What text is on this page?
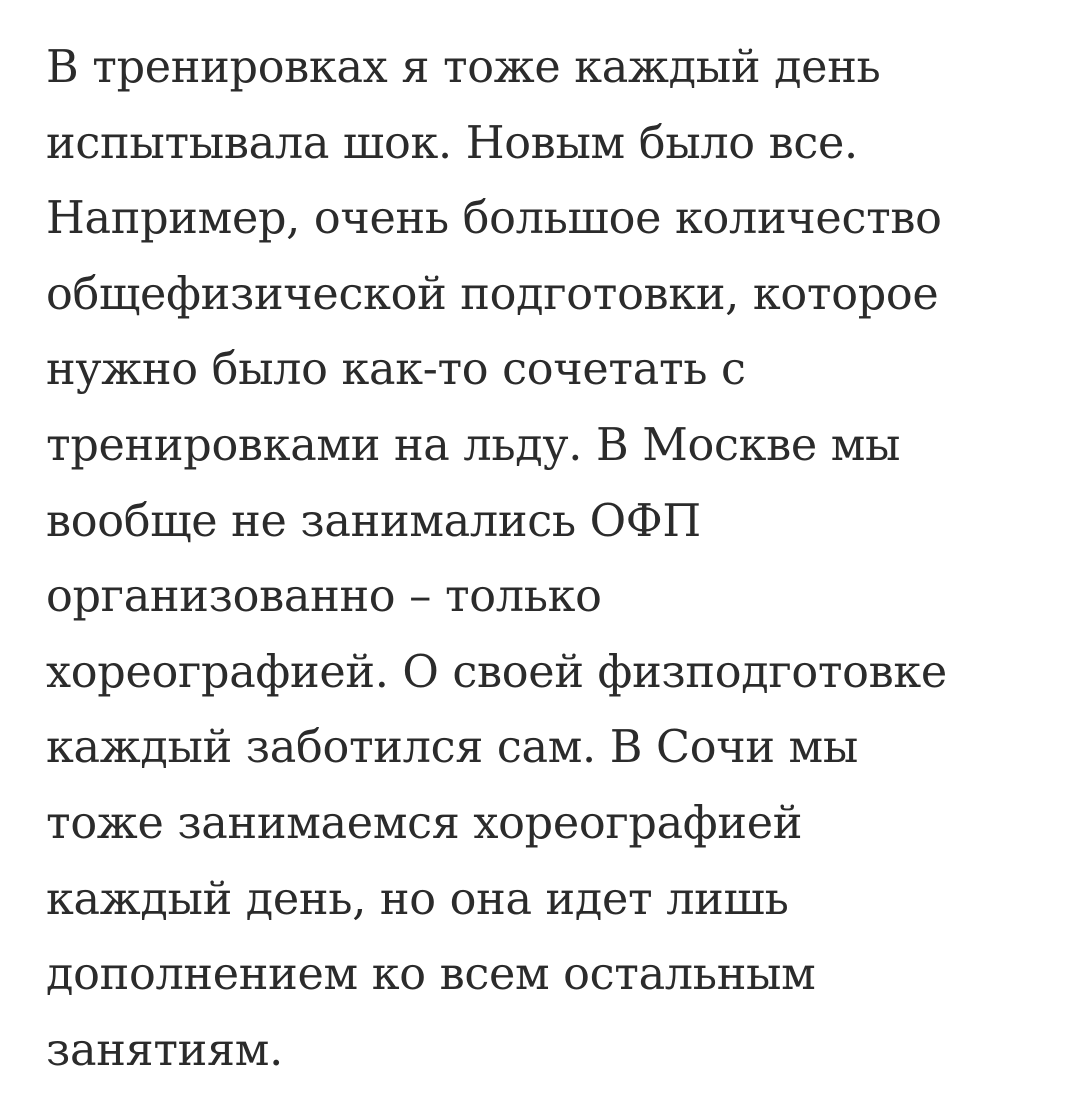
В тренировках я тоже каждый день
испытывала шок. Новым было все.
Например, очень большое количество
общефизической подготовки, которое
нужно было как-то сочетать с
тренировками на льду. В Москве мы
вообще не занимались ОФП
организованно – только
хореографией. О своей физподготовке
каждый заботился сам. В Сочи мы
тоже занимаемся хореографией
каждый день, но она идет лишь
дополнением ко всем остальным
занятиям.
